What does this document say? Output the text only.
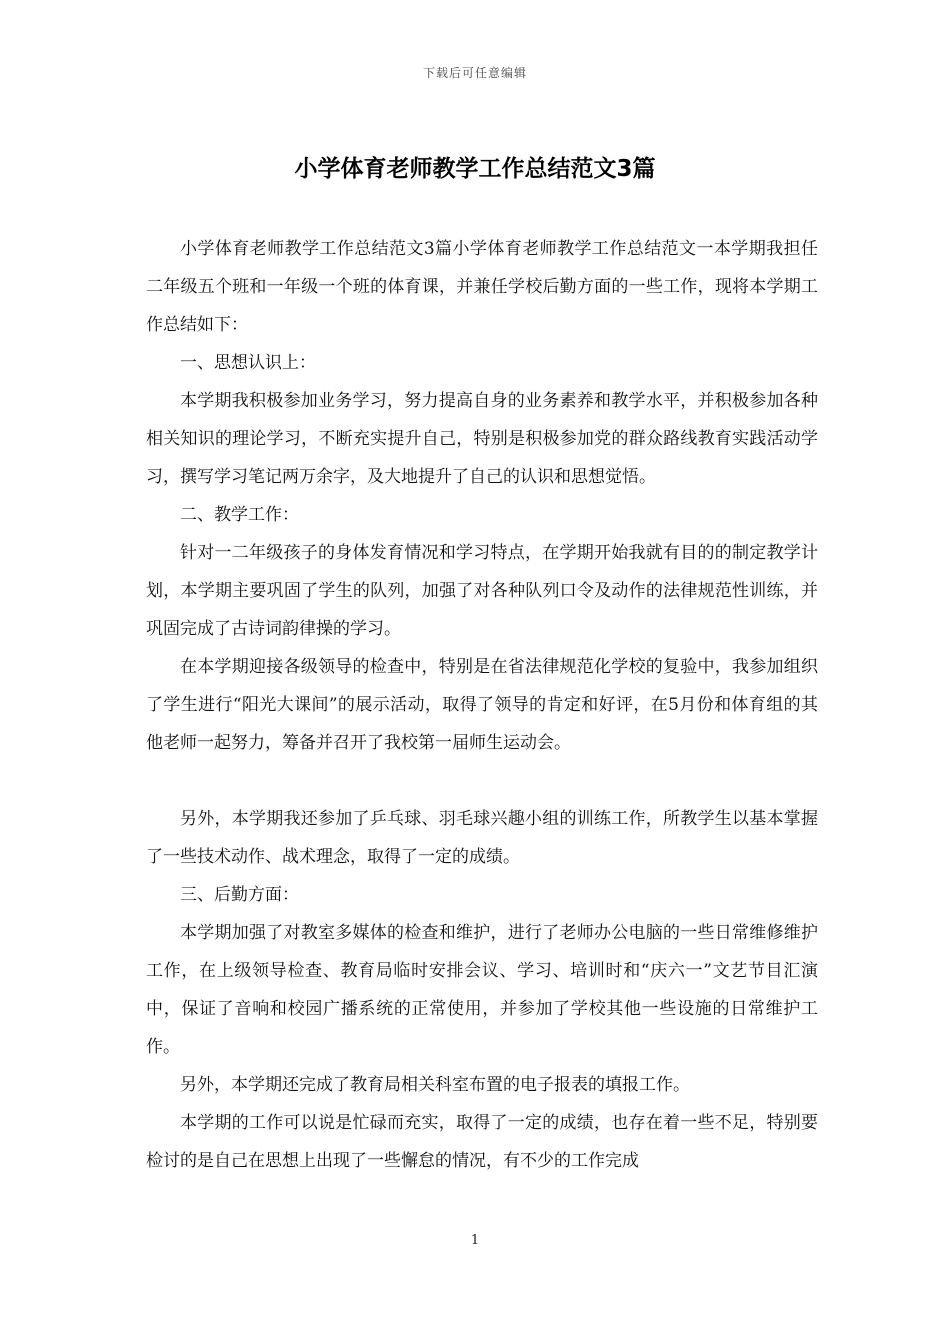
下载后可任意编辑
小学体育老师教学工作总结范文3篇

小学体育老师教学工作总结范文3篇小学体育老师教学工作总结范文一本学期我担任二年级五个班和一年级一个班的体育课，并兼任学校后勤方面的一些工作，现将本学期工作总结如下：

一、思想认识上：

本学期我积极参加业务学习，努力提高自身的业务素养和教学水平，并积极参加各种相关知识的理论学习，不断充实提升自己，特别是积极参加党的群众路线教育实践活动学习，撰写学习笔记两万余字，及大地提升了自己的认识和思想觉悟。

二、教学工作：

针对一二年级孩子的身体发育情况和学习特点，在学期开始我就有目的的制定教学计划，本学期主要巩固了学生的队列，加强了对各种队列口令及动作的法律规范性训练，并巩固完成了古诗词韵律操的学习。

在本学期迎接各级领导的检查中，特别是在省法律规范化学校的复验中，我参加组织了学生进行“阳光大课间”的展示活动，取得了领导的肯定和好评，在5月份和体育组的其他老师一起努力，筹备并召开了我校第一届师生运动会。

另外，本学期我还参加了乒乓球、羽毛球兴趣小组的训练工作，所教学生以基本掌握了一些技术动作、战术理念，取得了一定的成绩。

三、后勤方面：

本学期加强了对教室多媒体的检查和维护，进行了老师办公电脑的一些日常维修维护工作，在上级领导检查、教育局临时安排会议、学习、培训时和“庆六一”文艺节目汇演中，保证了音响和校园广播系统的正常使用，并参加了学校其他一些设施的日常维护工作。

另外，本学期还完成了教育局相关科室布置的电子报表的填报工作。

本学期的工作可以说是忙碌而充实，取得了一定的成绩，也存在着一些不足，特别要检讨的是自己在思想上出现了一些懈怠的情况，有不少的工作完成

1
